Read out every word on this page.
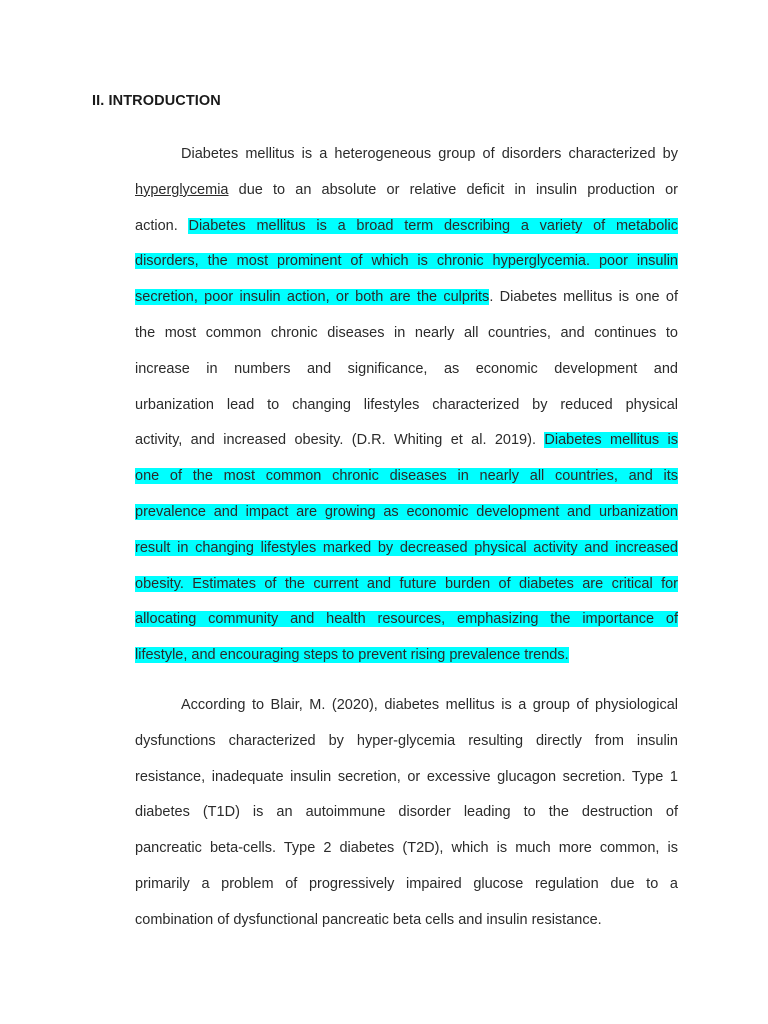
II. INTRODUCTION
Diabetes mellitus is a heterogeneous group of disorders characterized by
hyperglycemia due to an absolute or relative deficit in insulin production or
action. Diabetes mellitus is a broad term describing a variety of metabolic
disorders, the most prominent of which is chronic hyperglycemia. poor insulin
secretion, poor insulin action, or both are the culprits. Diabetes mellitus is one of
the most common chronic diseases in nearly all countries, and continues to
increase in numbers and significance, as economic development and
urbanization lead to changing lifestyles characterized by reduced physical
activity, and increased obesity. (D.R. Whiting et al. 2019). Diabetes mellitus is
one of the most common chronic diseases in nearly all countries, and its
prevalence and impact are growing as economic development and urbanization
result in changing lifestyles marked by decreased physical activity and increased
obesity. Estimates of the current and future burden of diabetes are critical for
allocating community and health resources, emphasizing the importance of
lifestyle, and encouraging steps to prevent rising prevalence trends.
According to Blair, M. (2020), diabetes mellitus is a group of physiological
dysfunctions characterized by hyper-glycemia resulting directly from insulin
resistance, inadequate insulin secretion, or excessive glucagon secretion. Type 1
diabetes (T1D) is an autoimmune disorder leading to the destruction of
pancreatic beta-cells. Type 2 diabetes (T2D), which is much more common, is
primarily a problem of progressively impaired glucose regulation due to a
combination of dysfunctional pancreatic beta cells and insulin resistance.
